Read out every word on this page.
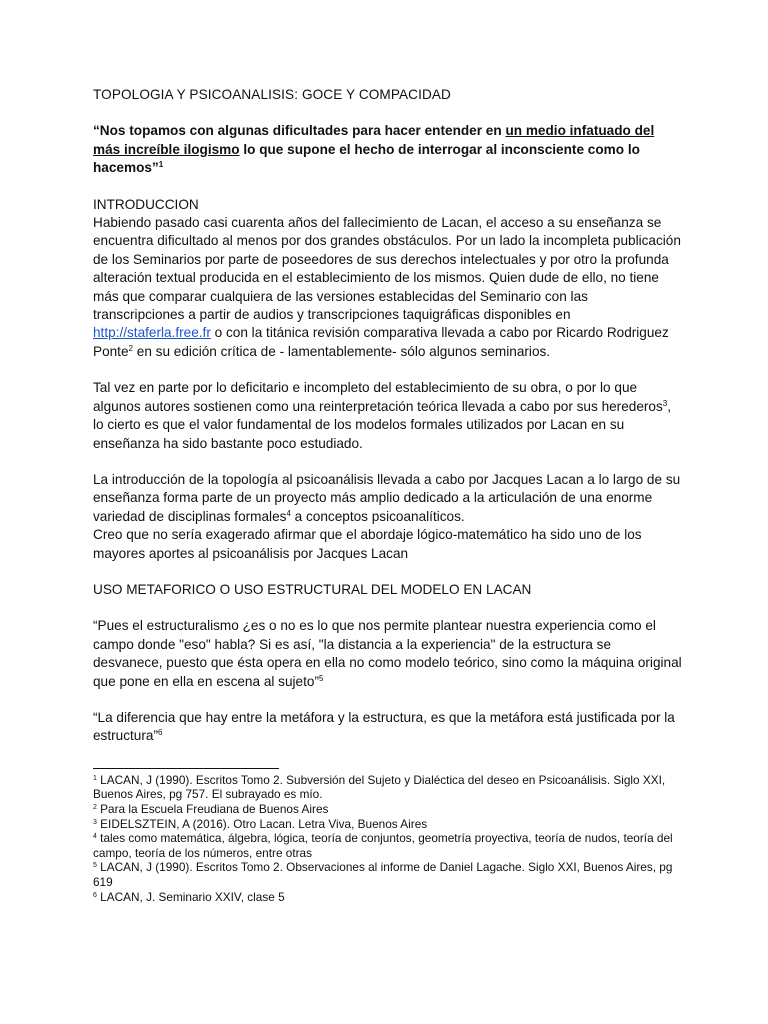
TOPOLOGIA Y PSICOANALISIS: GOCE Y COMPACIDAD

“Nos topamos con algunas dificultades para hacer entender en un medio infatuado del más increíble ilogismo lo que supone el hecho de interrogar al inconsciente como lo hacemos”$^1$

INTRODUCCION

Habiendo pasado casi cuarenta años del fallecimiento de Lacan, el acceso a su enseñanza se encuentra dificultado al menos por dos grandes obstáculos. Por un lado la incompleta publicación de los Seminarios por parte de poseedores de sus derechos intelectuales y por otro la profunda alteración textual producida en el establecimiento de los mismos. Quien dude de ello, no tiene más que comparar cualquiera de las versiones establecidas del Seminario con las transcripciones a partir de audios y transcripciones taquigráficas disponibles en http://staferla.free.fr o con la titánica revisión comparativa llevada a cabo por Ricardo Rodriguez Ponte$^2$ en su edición crítica de - lamentablemente- sólo algunos seminarios.

Tal vez en parte por lo deficitario e incompleto del establecimiento de su obra, o por lo que algunos autores sostienen como una reinterpretación teórica llevada a cabo por sus herederos$^3$, lo cierto es que el valor fundamental de los modelos formales utilizados por Lacan en su enseñanza ha sido bastante poco estudiado.

La introducción de la topología al psicoanálisis llevada a cabo por Jacques Lacan a lo largo de su enseñanza forma parte de un proyecto más amplio dedicado a la articulación de una enorme variedad de disciplinas formales$^4$ a conceptos psicoanalíticos.

Creo que no sería exagerado afirmar que el abordaje lógico-matemático ha sido uno de los mayores aportes al psicoanálisis por Jacques Lacan

USO METAFORICO O USO ESTRUCTURAL DEL MODELO EN LACAN

“Pues el estructuralismo ¿es o no es lo que nos permite plantear nuestra experiencia como el campo donde "eso" habla? Si es así, "la distancia a la experiencia" de la estructura se desvanece, puesto que ésta opera en ella no como modelo teórico, sino como la máquina original que pone en ella en escena al sujeto”$^5$

“La diferencia que hay entre la metáfora y la estructura, es que la metáfora está justificada por la estructura”$^6$

$^1$ LACAN, J (1990). Escritos Tomo 2. Subversión del Sujeto y Dialéctica del deseo en Psicoanálisis. Siglo XXI, Buenos Aires, pg 757. El subrayado es mío.

$^2$ Para la Escuela Freudiana de Buenos Aires

$^3$ EIDELSZTEIN, A (2016). Otro Lacan. Letra Viva, Buenos Aires

$^4$ tales como matemática, álgebra, lógica, teoría de conjuntos, geometría proyectiva, teoría de nudos, teoría del campo, teoría de los números, entre otras

$^5$ LACAN, J (1990). Escritos Tomo 2. Observaciones al informe de Daniel Lagache. Siglo XXI, Buenos Aires, pg 619

$^6$ LACAN, J. Seminario XXIV, clase 5
